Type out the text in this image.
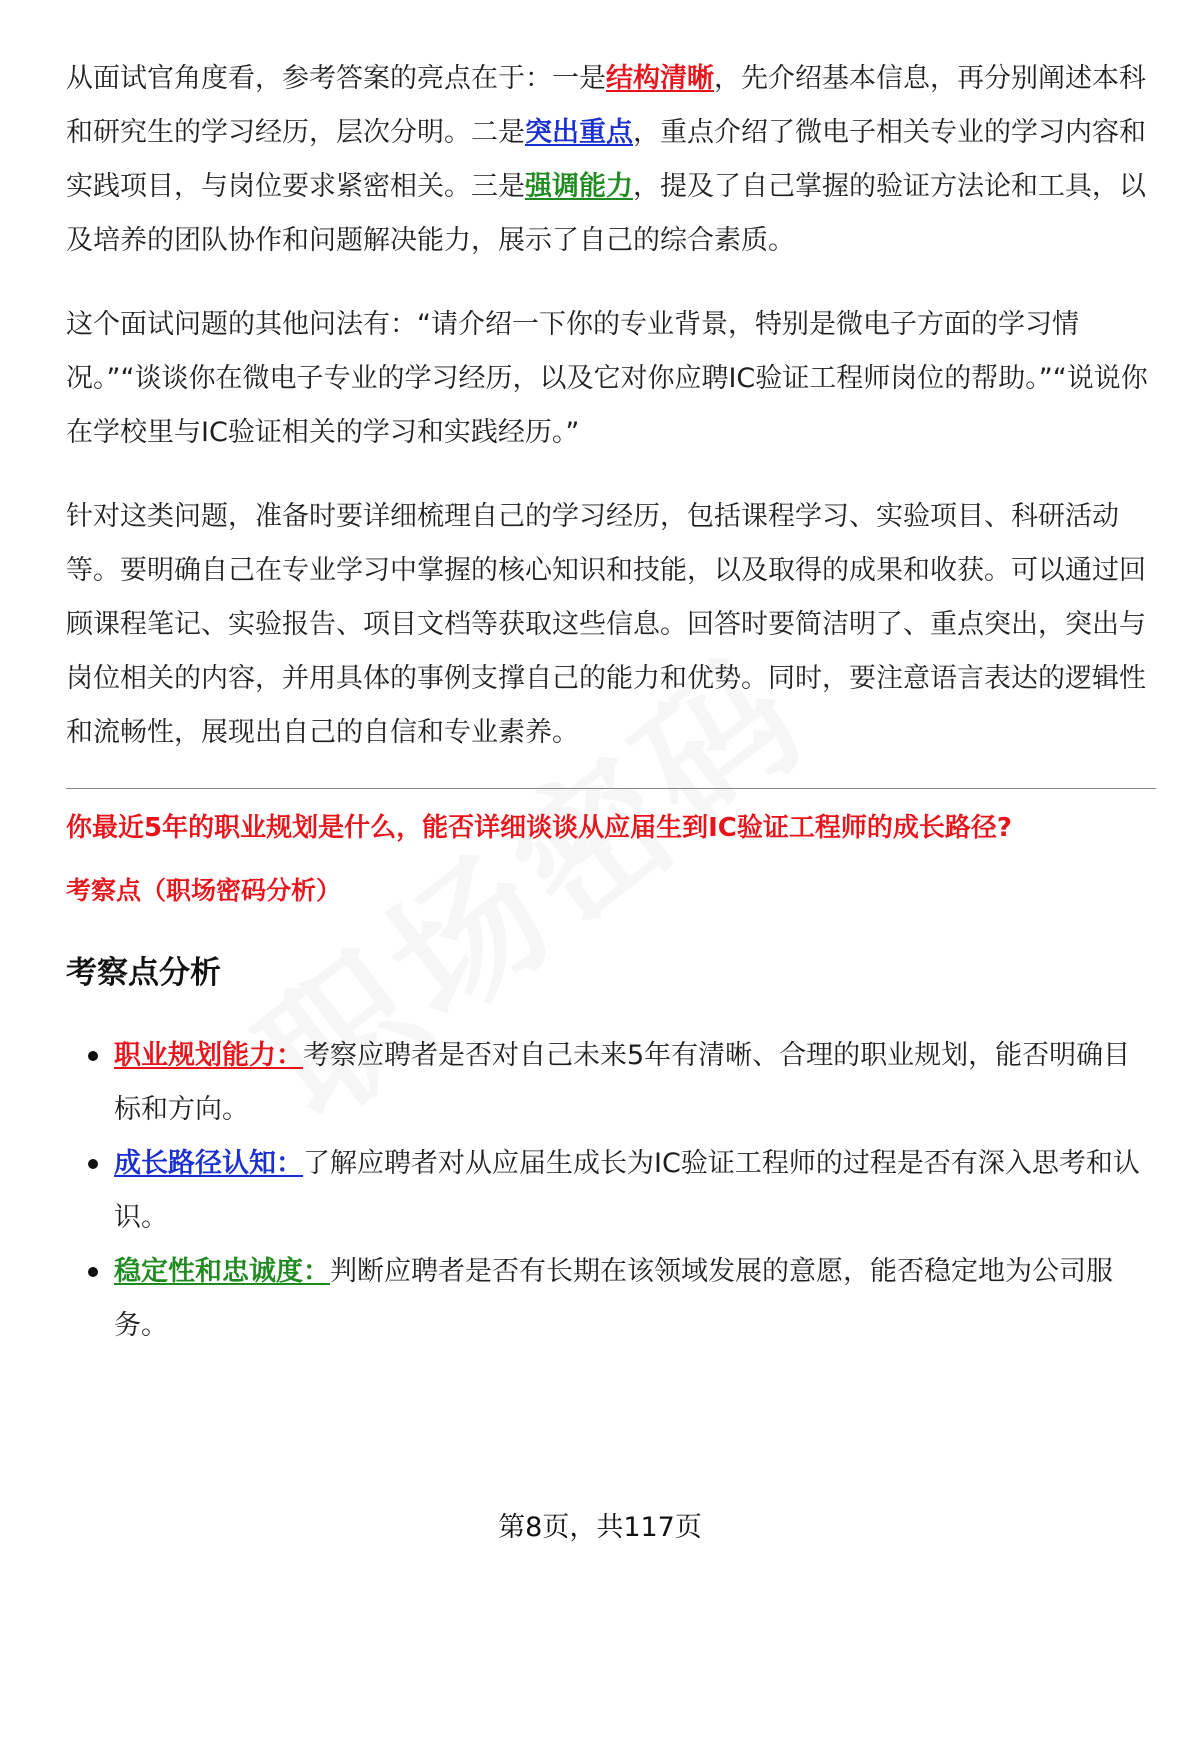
从面试官角度看，参考答案的亮点在于：一是结构清晰，先介绍基本信息，再分别阐述本科和研究生的学习经历，层次分明。二是突出重点，重点介绍了微电子相关专业的学习内容和实践项目，与岗位要求紧密相关。三是强调能力，提及了自己掌握的验证方法论和工具，以及培养的团队协作和问题解决能力，展示了自己的综合素质。

这个面试问题的其他问法有：“请介绍一下你的专业背景，特别是微电子方面的学习情况。”“谈谈你在微电子专业的学习经历，以及它对你应聘IC验证工程师岗位的帮助。”“说说你在学校里与IC验证相关的学习和实践经历。”

针对这类问题，准备时要详细梳理自己的学习经历，包括课程学习、实验项目、科研活动等。要明确自己在专业学习中掌握的核心知识和技能，以及取得的成果和收获。可以通过回顾课程笔记、实验报告、项目文档等获取这些信息。回答时要简洁明了、重点突出，突出与岗位相关的内容，并用具体的事例支撑自己的能力和优势。同时，要注意语言表达的逻辑性和流畅性，展现出自己的自信和专业素养。

你最近5年的职业规划是什么，能否详细谈谈从应届生到IC验证工程师的成长路径?

考察点（职场密码分析）

考察点分析
职业规划能力：考察应聘者是否对自己未来5年有清晰、合理的职业规划，能否明确目标和方向。
成长路径认知：了解应聘者对从应届生成长为IC验证工程师的过程是否有深入思考和认识。
稳定性和忠诚度：判断应聘者是否有长期在该领域发展的意愿，能否稳定地为公司服务。
第8页，共117页
